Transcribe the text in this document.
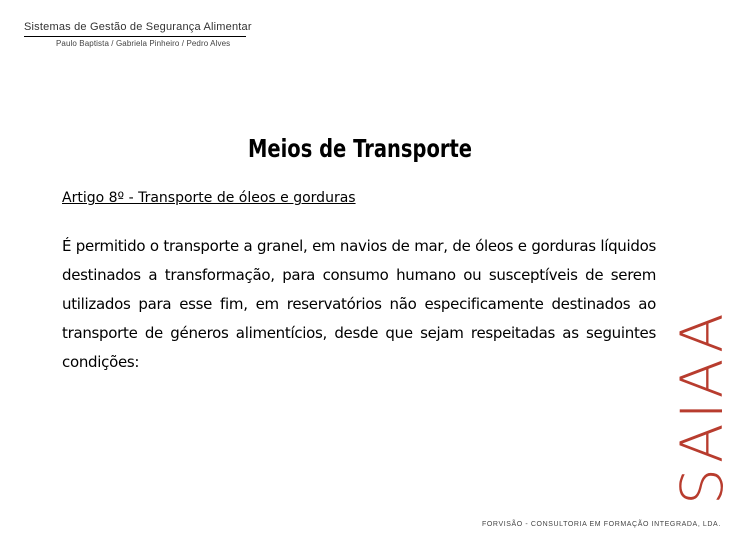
Sistemas de Gestão de Segurança Alimentar
Paulo Baptista / Gabriela Pinheiro / Pedro Alves
Meios de Transporte
Artigo 8º - Transporte de óleos e gorduras
É permitido o transporte a granel, em navios de mar, de óleos e gorduras líquidos destinados a transformação, para consumo humano ou susceptíveis de serem utilizados para esse fim, em reservatórios não especificamente destinados ao transporte de géneros alimentícios, desde que sejam respeitadas as seguintes condições:	SAIAA
FORVISÃO - CONSULTORIA EM FORMAÇÃO INTEGRADA, LDA.
